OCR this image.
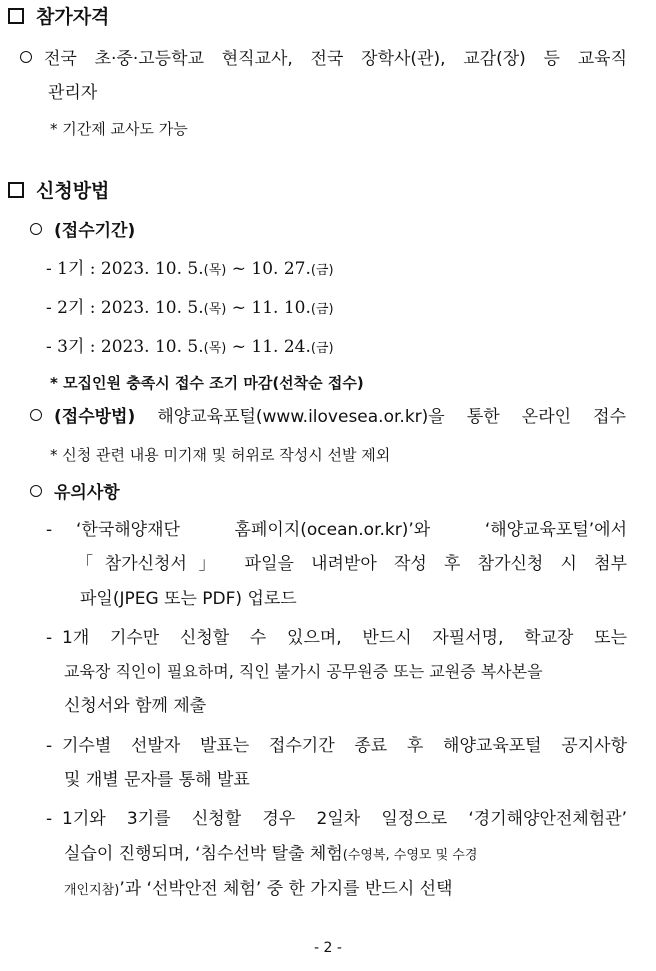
참가자격
전국 초·중·고등학교 현직교사, 전국 장학사(관), 교감(장) 등 교육직
관리자
* 기간제 교사도 가능
신청방법
(접수기간)
- 1기 : 2023. 10. 5.(목) ~ 10. 27.(금)
- 2기 : 2023. 10. 5.(목) ~ 11. 10.(금)
- 3기 : 2023. 10. 5.(목) ~ 11. 24.(금)
* 모집인원 충족시 접수 조기 마감(선착순 접수)
(접수방법) 해양교육포털(www.ilovesea.or.kr)을 통한 온라인 접수
* 신청 관련 내용 미기재 및 허위로 작성시 선발 제외
유의사항
- ‘한국해양재단 홈페이지(ocean.or.kr)’와 ‘해양교육포털’에서
「참가신청서」 파일을 내려받아 작성 후 참가신청 시 첨부
파일(JPEG 또는 PDF) 업로드
- 1개 기수만 신청할 수 있으며, 반드시 자필서명, 학교장 또는
교육장 직인이 필요하며, 직인 불가시 공무원증 또는 교원증 복사본을
신청서와 함께 제출
- 기수별 선발자 발표는 접수기간 종료 후 해양교육포털 공지사항
및 개별 문자를 통해 발표
- 1기와 3기를 신청할 경우 2일차 일정으로 ‘경기해양안전체험관’
실습이 진행되며, ‘침수선박 탈출 체험(수영복, 수영모 및 수경
개인지참)’과 ‘선박안전 체험’ 중 한 가지를 반드시 선택
- 2 -
